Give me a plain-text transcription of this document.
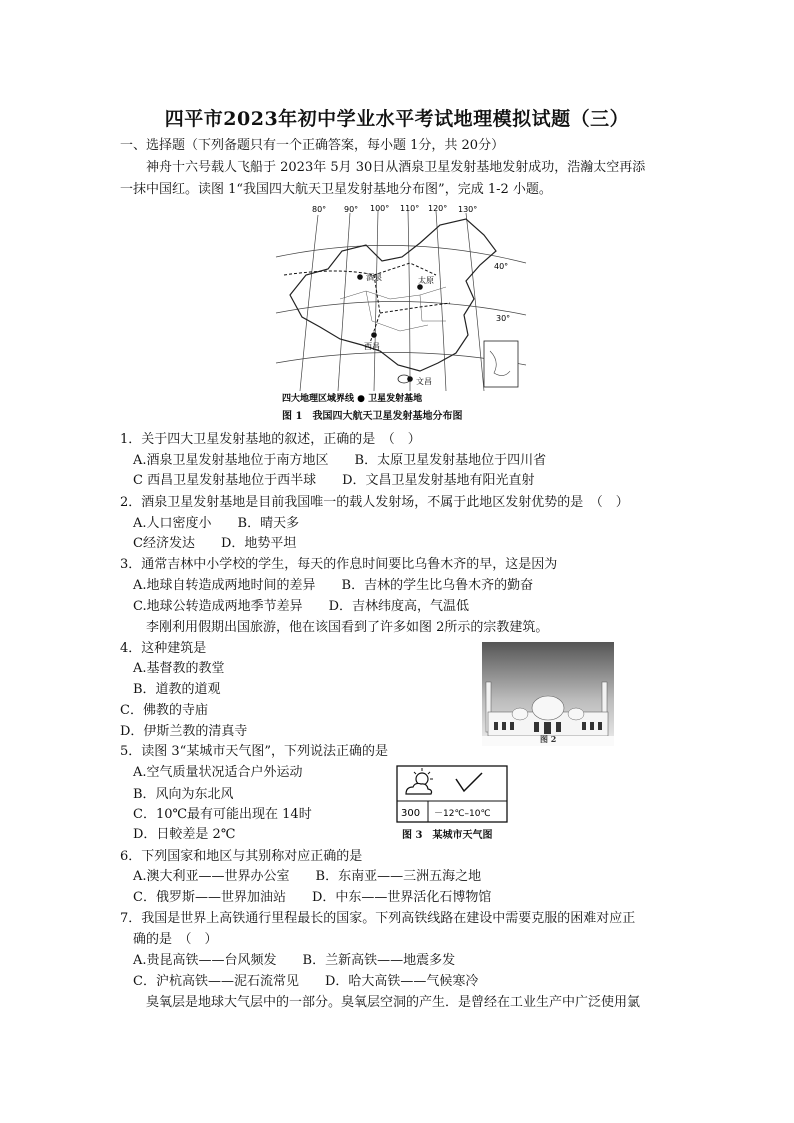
四平市2023年初中学业水平考试地理模拟试题（三）
一、选择题（下列备题只有一个正确答案，每小题 1分，共 20分）
　　神舟十六号载人飞船于 2023年 5月 30日从酒泉卫星发射基地发射成功，浩瀚太空再添
一抹中国红。读图 1“我国四大航天卫星发射基地分布图”，完成 1-2 小题。
80° 90° 100° 110° 120° 130°
40°
30°
酒泉	太原
西昌
文昌
四大地理区域界线 ● 卫星发射基地
图 1　我国四大航天卫星发射基地分布图
1．关于四大卫星发射基地的叙述，正确的是　（　）
　A.酒泉卫星发射基地位于南方地区　　B．太原卫星发射基地位于四川省
　C 西昌卫星发射基地位于西半球　　D．文昌卫星发射基地有阳光直射
2．酒泉卫星发射基地是目前我国唯一的载人发射场，不属于此地区发射优势的是　（　）
　A.人口密度小　　B．晴天多
　C经济发达　　D．地势平坦
3．通常吉林中小学校的学生，每天的作息时间要比乌鲁木齐的早，这是因为
　A.地球自转造成两地时间的差异　　B．吉林的学生比乌鲁木齐的勤奋
　C.地球公转造成两地季节差异　　D．吉林纬度高，气温低
　　李刚利用假期出国旅游，他在该国看到了许多如图 2所示的宗教建筑。
4．这种建筑是
　A.基督教的教堂
　B．道教的道观
C．佛教的寺庙
D．伊斯兰教的清真寺	图 2
5．读图 3“某城市天气图”，下列说法正确的是
　A.空气质量状况适合户外运动
　B．风向为东北风
　C．10℃最有可能出现在 14时
　D．日較差是 2℃
300 －12℃–10℃
图 3　某城市天气图
6．下列国家和地区与其别称对应正确的是
　A.澳大利亚——世界办公室　　B．东南亚——三洲五海之地
　C．俄罗斯——世界加油站　　D．中东——世界活化石博物馆
7．我国是世界上高铁通行里程最长的国家。下列高铁线路在建设中需要克服的困难对应正
　确的是　（　）
　A.贵昆高铁——台风频发　　B．兰新高铁——地震多发
　C．沪杭高铁——泥石流常见　　D．哈大高铁——气候寒冷
　　臭氧层是地球大气层中的一部分。臭氧层空洞的产生．是曾经在工业生产中广泛使用氯
